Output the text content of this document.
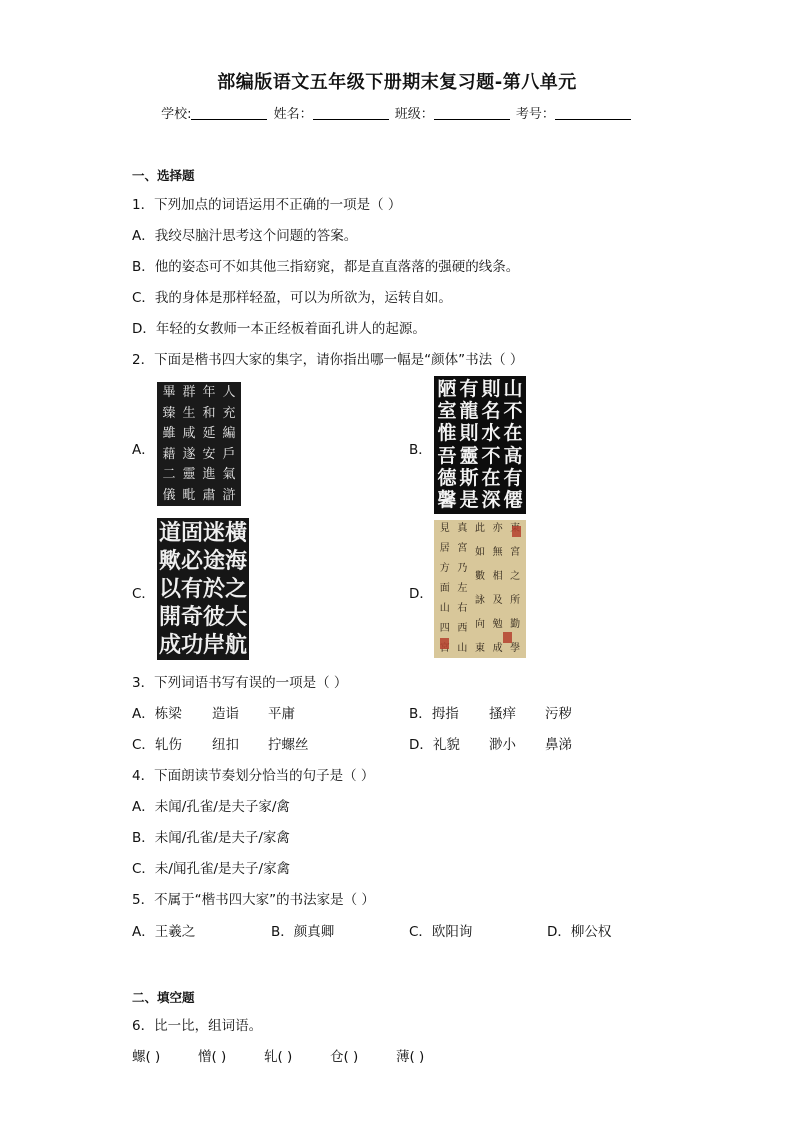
部编版语文五年级下册期末复习题-第八单元
学校:	姓名：	班级：	考号：
一、选择题
1．下列加点的词语运用不正确的一项是（ ）
A．我绞尽脑汁思考这个问题的答案。
B．他的姿态可不如其他三指窈窕，都是直直落落的强硬的线条。
C．我的身体是那样轻盈，可以为所欲为，运转自如。
D．年轻的女教师一本正经板着面孔讲人的起源。
2．下面是楷书四大家的集字，请你指出哪一幅是“颜体”书法（ ）
A．
人
充
編
戶
氣
滸
年
和
延
安
進
肅
群
生
咸
遂
靈
毗
畢
臻
雖
藉
二
儀
B．
山
不
在
高
有
僊
則
名
水
不
在
深
有
龍
則
靈
斯
是
陋
室
惟
吾
德
馨
C．
橫
海
之
大
航
迷
途
於
彼
岸
固
必
有
奇
功
道
歟
以
開
成
D．
宮
之
所
勤
學
亦
無
相
及
勉
成
此
如
數
詠
向
東
真
宮
乃
左
右
西
山
見
居
方
面
山
四
3．下列词语书写有误的一项是（ ）
A．栋梁 造诣 平庸	B．拇指 搔痒 污秽
C．轧伤 纽扣 拧螺丝	D．礼貌 渺小 鼻涕
4．下面朗读节奏划分恰当的句子是（ ）
A．未闻/孔雀/是夫子家/禽
B．未闻/孔雀/是夫子/家禽
C．未/闻孔雀/是夫子/家禽
5．不属于“楷书四大家”的书法家是（ ）
A．王羲之	B．颜真卿	C．欧阳询	D．柳公权
二、填空题
6．比一比，组词语。
螺( )	憎( )	轧( )	仓( )	薄( )
